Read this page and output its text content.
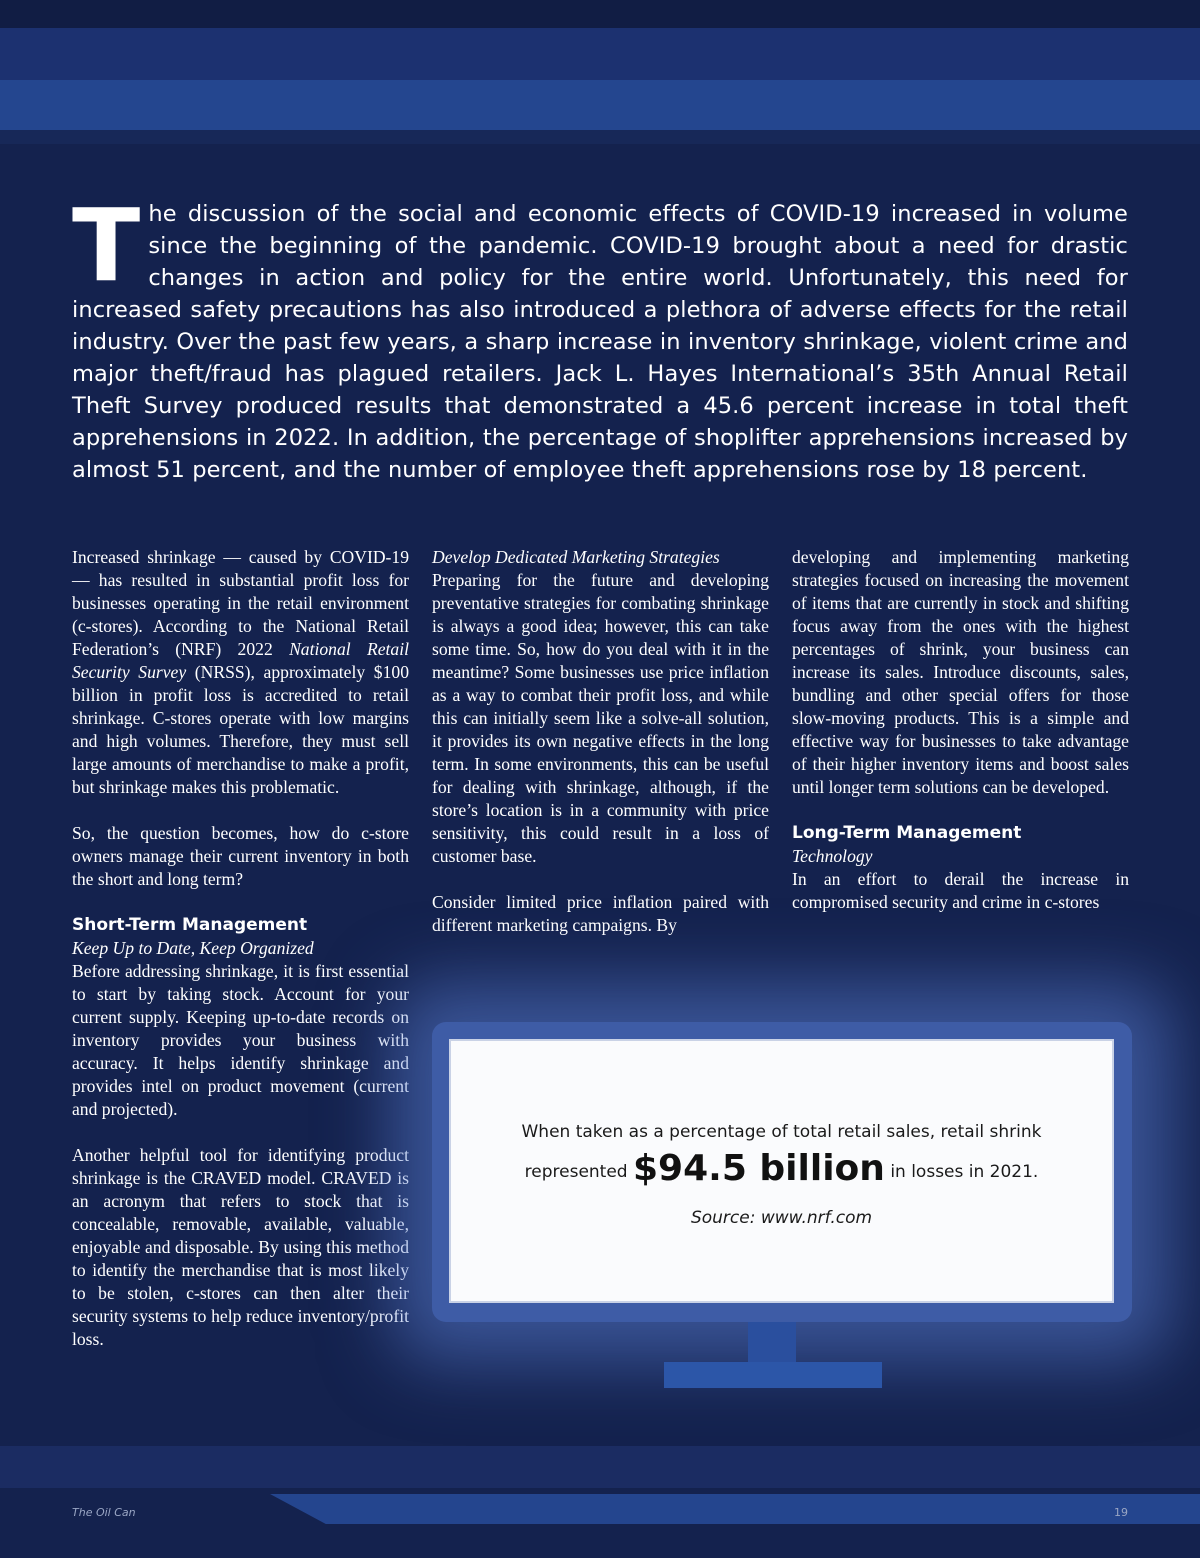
The discussion of the social and economic effects of COVID-19 increased in volume since the beginning of the pandemic. COVID-19 brought about a need for drastic changes in action and policy for the entire world. Unfortunately, this need for increased safety precautions has also introduced a plethora of adverse effects for the retail industry. Over the past few years, a sharp increase in inventory shrinkage, violent crime and major theft/fraud has plagued retailers. Jack L. Hayes International’s 35th Annual Retail Theft Survey produced results that demonstrated a 45.6 percent increase in total theft apprehensions in 2022. In addition, the percentage of shoplifter apprehensions increased by almost 51 percent, and the number of employee theft apprehensions rose by 18 percent.

Increased shrinkage — caused by COVID-19 — has resulted in substantial profit loss for businesses operating in the retail environment (c-stores). According to the National Retail Federation’s (NRF) 2022 National Retail Security Survey (NRSS), approximately $100 billion in profit loss is accredited to retail shrinkage. C-stores operate with low margins and high volumes. Therefore, they must sell large amounts of merchandise to make a profit, but shrinkage makes this problematic.

So, the question becomes, how do c-store owners manage their current inventory in both the short and long term?

Short-Term Management

Keep Up to Date, Keep Organized

Before addressing shrinkage, it is first essential to start by taking stock. Account for your current supply. Keeping up-to-date records on inventory provides your business with accuracy. It helps identify shrinkage and provides intel on product movement (current and projected).

Another helpful tool for identifying product shrinkage is the CRAVED model. CRAVED is an acronym that refers to stock that is concealable, removable, available, valuable, enjoyable and disposable. By using this method to identify the merchandise that is most likely to be stolen, c-stores can then alter their security systems to help reduce inventory/profit loss.

Develop Dedicated Marketing Strategies

Preparing for the future and developing preventative strategies for combating shrinkage is always a good idea; however, this can take some time. So, how do you deal with it in the meantime? Some businesses use price inflation as a way to combat their profit loss, and while this can initially seem like a solve-all solution, it provides its own negative effects in the long term. In some environments, this can be useful for dealing with shrinkage, although, if the store’s location is in a community with price sensitivity, this could result in a loss of customer base.

Consider limited price inflation paired with different marketing campaigns. By

developing and implementing marketing strategies focused on increasing the movement of items that are currently in stock and shifting focus away from the ones with the highest percentages of shrink, your business can increase its sales. Introduce discounts, sales, bundling and other special offers for those slow-moving products. This is a simple and effective way for businesses to take advantage of their higher inventory items and boost sales until longer term solutions can be developed.

Long-Term Management

Technology

In an effort to derail the increase in compromised security and crime in c-stores

When taken as a percentage of total retail sales, retail shrink
represented $94.5 billion in losses in 2021.
Source: www.nrf.com
The Oil Can	19
